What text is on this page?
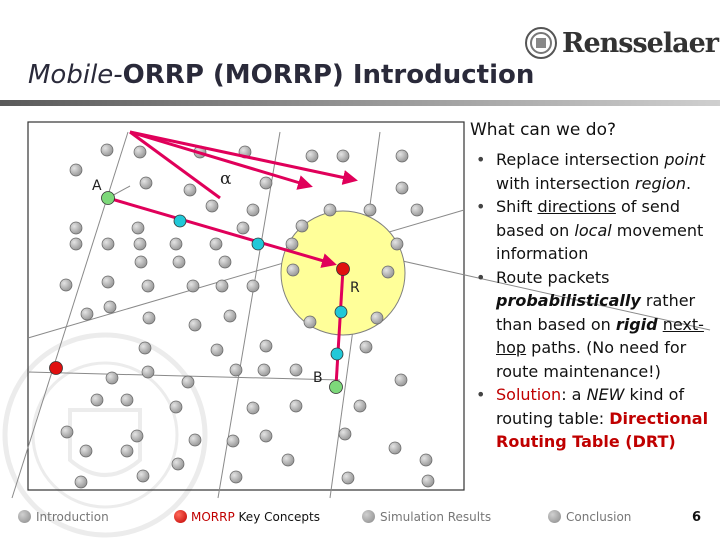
Rensselaer
Mobile-ORRP (MORRP) Introduction
A	α
R
B
What can we do?
• Replace intersection point with intersection region.
• Shift directions of send based on local movement information
• Route packets probabilistically rather than based on rigid next-hop paths. (No need for route maintenance!)
• Solution: a NEW kind of routing table: Directional Routing Table (DRT)
Introduction	MORRP Key Concepts	Simulation Results	Conclusion	6
